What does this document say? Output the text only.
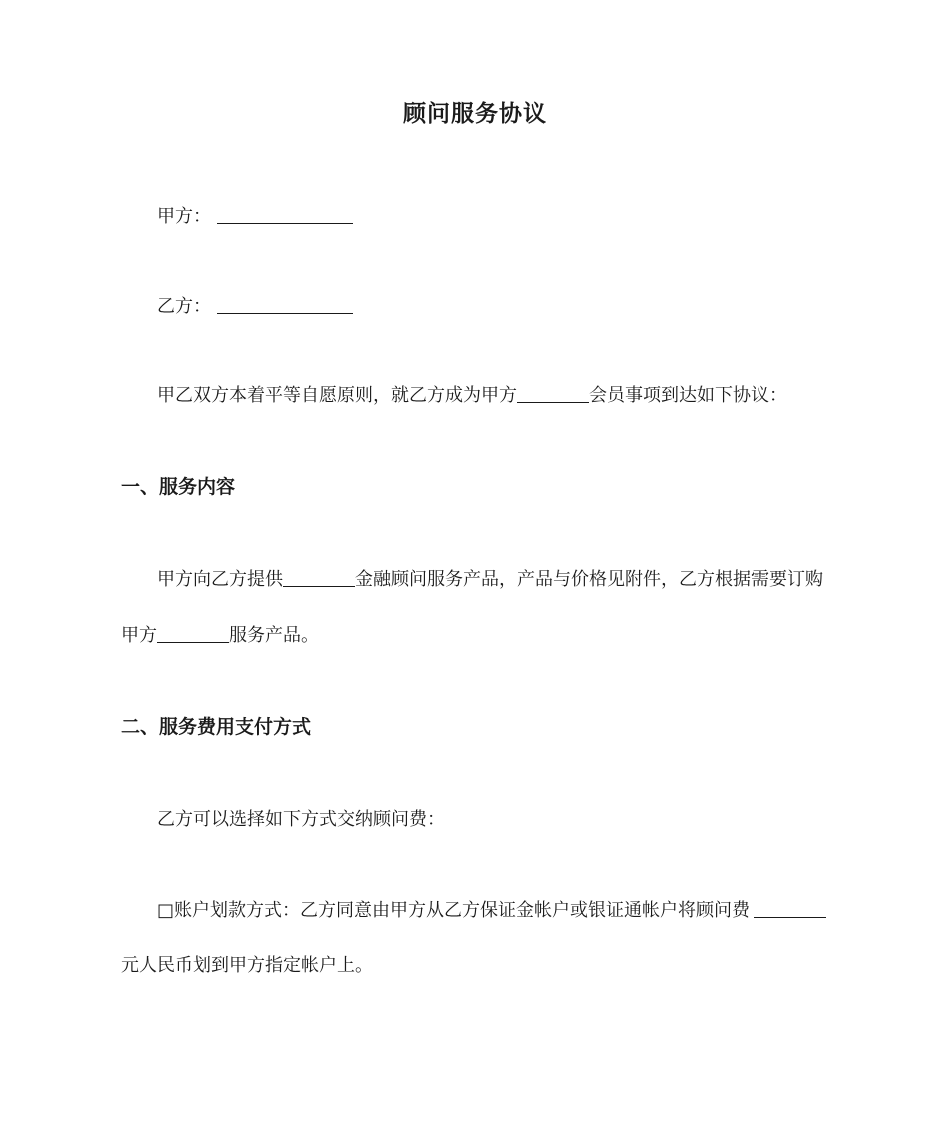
顾问服务协议
甲方：
乙方：
甲乙双方本着平等自愿原则，就乙方成为甲方	会员事项到达如下协议：
一、服务内容
甲方向乙方提供	金融顾问服务产品，产品与价格见附件，乙方根据需要订购
甲方	服务产品。
二、服务费用支付方式
乙方可以选择如下方式交纳顾问费：
□账户划款方式：乙方同意由甲方从乙方保证金帐户或银证通帐户将顾问费
元人民币划到甲方指定帐户上。
